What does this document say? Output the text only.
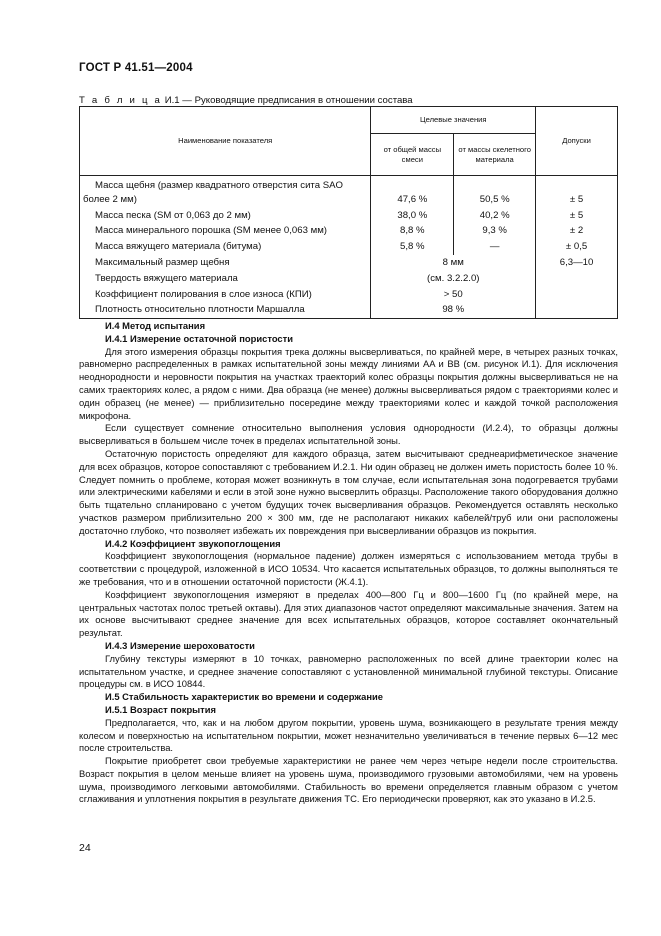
ГОСТ Р 41.51—2004
Т а б л и ц а И.1 — Руководящие предписания в отношении состава
Наименование показателя	Целевые значения		Допуски
	от общей массы смеси	от массы скелетного материала	

Масса щебня (размер квадратного отверстия сита SAO
более 2 мм)	47,6 %	50,5 %	± 5

Масса песка (SM от 0,063 до 2 мм)	38,0 %	40,2 %	± 5

Масса минерального порошка (SM менее 0,063 мм)	8,8 %	9,3 %	± 2

Масса вяжущего материала (битума)	5,8 %	—	± 0,5

Максимальный размер щебня	8 мм		6,3—10

Твердость вяжущего материала	(см. 3.2.2.0)		

Коэффициент полирования в слое износа (КПИ)	> 50		

Плотность относительно плотности Маршалла	98 %		
И.4 Метод испытания
И.4.1 Измерение остаточной пористости

Для этого измерения образцы покрытия трека должны высверливаться, по крайней мере, в четырех разных точках, равномерно распределенных в рамках испытательной зоны между линиями AA и BB (см. рисунок И.1). Для исключения неоднородности и неровности покрытия на участках траекторий колес образцы покрытия должны высверливаться не на самих траекториях колес, а рядом с ними. Два образца (не менее) должны высверливаться рядом с траекториями колес и один образец (не менее) — приблизительно посередине между траекториями колес и каждой точкой расположения микрофона.

Если существует сомнение относительно выполнения условия однородности (И.2.4), то образцы должны высверливаться в большем числе точек в пределах испытательной зоны.

Остаточную пористость определяют для каждого образца, затем высчитывают среднеарифметическое значение для всех образцов, которое сопоставляют с требованием И.2.1. Ни один образец не должен иметь пористость более 10 %. Следует помнить о проблеме, которая может возникнуть в том случае, если испытательная зона подогревается трубами или электрическими кабелями и если в этой зоне нужно высверлить образцы. Расположение такого оборудования должно быть тщательно спланировано с учетом будущих точек высверливания образцов. Рекомендуется оставлять несколько участков размером приблизительно 200 × 300 мм, где не располагают никаких кабелей/труб или они расположены достаточно глубоко, что позволяет избежать их повреждения при высверливании образцов из покрытия.

И.4.2 Коэффициент звукопоглощения

Коэффициент звукопоглощения (нормальное падение) должен измеряться с использованием метода трубы в соответствии с процедурой, изложенной в ИСО 10534. Что касается испытательных образцов, то должны выполняться те же требования, что и в отношении остаточной пористости (Ж.4.1).

Коэффициент звукопоглощения измеряют в пределах 400—800 Гц и 800—1600 Гц (по крайней мере, на центральных частотах полос третьей октавы). Для этих диапазонов частот определяют максимальные значения. Затем на их основе высчитывают среднее значение для всех испытательных образцов, которое составляет окончательный результат.

И.4.3 Измерение шероховатости

Глубину текстуры измеряют в 10 точках, равномерно расположенных по всей длине траектории колес на испытательном участке, и среднее значение сопоставляют с установленной минимальной глубиной текстуры. Описание процедуры см. в ИСО 10844.

И.5 Стабильность характеристик во времени и содержание
И.5.1 Возраст покрытия

Предполагается, что, как и на любом другом покрытии, уровень шума, возникающего в результате трения между колесом и поверхностью на испытательном покрытии, может незначительно увеличиваться в течение первых 6—12 мес после строительства.

Покрытие приобретет свои требуемые характеристики не ранее чем через четыре недели после строительства. Возраст покрытия в целом меньше влияет на уровень шума, производимого грузовыми автомобилями, чем на уровень шума, производимого легковыми автомобилями. Стабильность во времени определяется главным образом с учетом сглаживания и уплотнения покрытия в результате движения ТС. Его периодически проверяют, как это указано в И.2.5.

24
